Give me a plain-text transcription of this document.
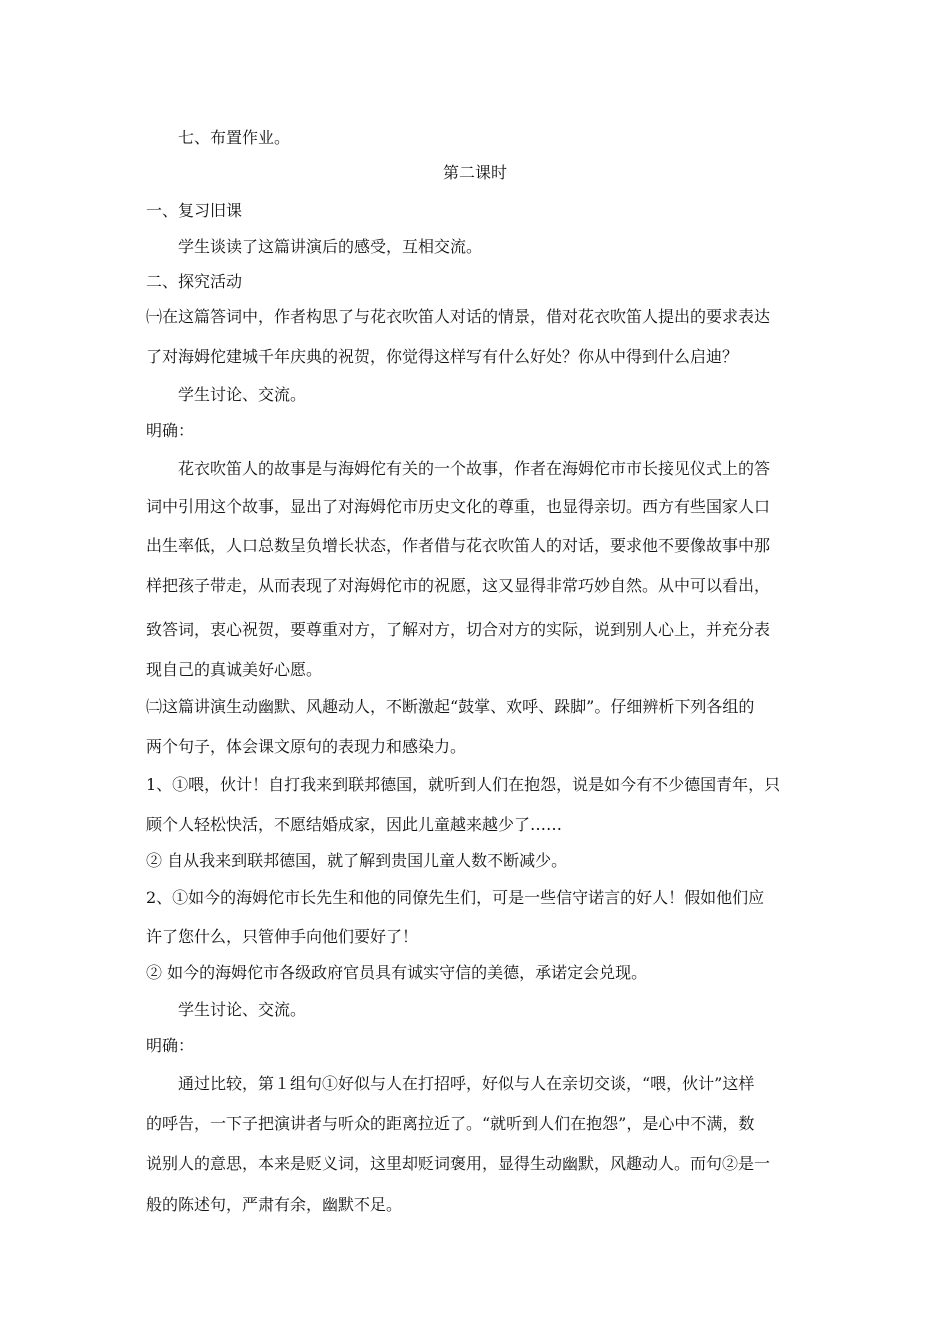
七、布置作业。
第二课时
一、复习旧课
学生谈读了这篇讲演后的感受，互相交流。
二、探究活动
㈠在这篇答词中，作者构思了与花衣吹笛人对话的情景，借对花衣吹笛人提出的要求表达
了对海姆佗建城千年庆典的祝贺，你觉得这样写有什么好处？你从中得到什么启迪？
学生讨论、交流。
明确：
花衣吹笛人的故事是与海姆佗有关的一个故事，作者在海姆佗市市长接见仪式上的答
词中引用这个故事，显出了对海姆佗市历史文化的尊重，也显得亲切。西方有些国家人口
出生率低，人口总数呈负增长状态，作者借与花衣吹笛人的对话，要求他不要像故事中那
样把孩子带走，从而表现了对海姆佗市的祝愿，这又显得非常巧妙自然。从中可以看出，
致答词，衷心祝贺，要尊重对方，了解对方，切合对方的实际，说到别人心上，并充分表
现自己的真诚美好心愿。
㈡这篇讲演生动幽默、风趣动人，不断激起“鼓掌、欢呼、跺脚”。仔细辨析下列各组的
两个句子，体会课文原句的表现力和感染力。
1、①喂，伙计！自打我来到联邦德国，就听到人们在抱怨，说是如今有不少德国青年，只
顾个人轻松快活，不愿结婚成家，因此儿童越来越少了……
② 自从我来到联邦德国，就了解到贵国儿童人数不断减少。
2、①如今的海姆佗市长先生和他的同僚先生们，可是一些信守诺言的好人！假如他们应
许了您什么，只管伸手向他们要好了！
② 如今的海姆佗市各级政府官员具有诚实守信的美德，承诺定会兑现。
学生讨论、交流。
明确：
通过比较，第１组句①好似与人在打招呼，好似与人在亲切交谈，“喂，伙计”这样
的呼告，一下子把演讲者与听众的距离拉近了。“就听到人们在抱怨”，是心中不满，数
说别人的意思，本来是贬义词，这里却贬词褒用，显得生动幽默，风趣动人。而句②是一
般的陈述句，严肃有余，幽默不足。
